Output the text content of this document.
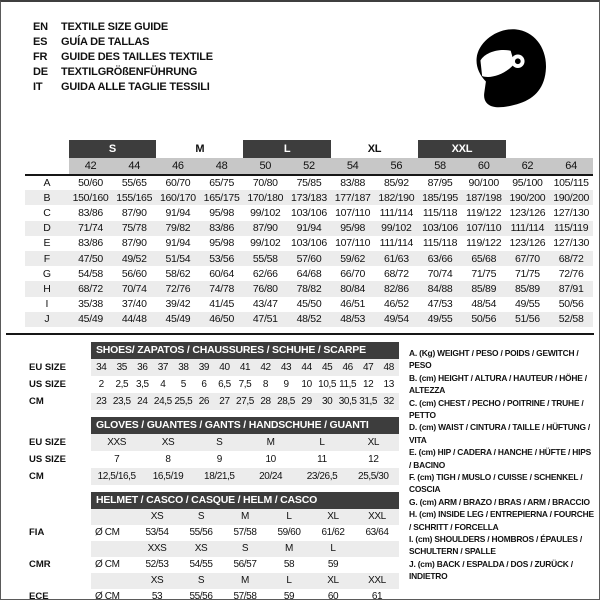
EN	TEXTILE SIZE GUIDE
ES	GUÍA DE TALLAS
FR	GUIDE DES TAILLES TEXTILE
DE	TEXTILGRÖßENFÜHRUNG
IT	GUIDA ALLE TAGLIE TESSILI
	S		M		L		XL		XXL			
	42	44	46	48	50	52	54	56	58	60	62	64
A	50/60	55/65	60/70	65/75	70/80	75/85	83/88	85/92	87/95	90/100	95/100	105/115
B	150/160	155/165	160/170	165/175	170/180	173/183	177/187	182/190	185/195	187/198	190/200	190/200
C	83/86	87/90	91/94	95/98	99/102	103/106	107/110	111/114	115/118	119/122	123/126	127/130
D	71/74	75/78	79/82	83/86	87/90	91/94	95/98	99/102	103/106	107/110	111/114	115/119
E	83/86	87/90	91/94	95/98	99/102	103/106	107/110	111/114	115/118	119/122	123/126	127/130
F	47/50	49/52	51/54	53/56	55/58	57/60	59/62	61/63	63/66	65/68	67/70	68/72
G	54/58	56/60	58/62	60/64	62/66	64/68	66/70	68/72	70/74	71/75	71/75	72/76
H	68/72	70/74	72/76	74/78	76/80	78/82	80/84	82/86	84/88	85/89	85/89	87/91
I	35/38	37/40	39/42	41/45	43/47	45/50	46/51	46/52	47/53	48/54	49/55	50/56
J	45/49	44/48	45/49	46/50	47/51	48/52	48/53	49/54	49/55	50/56	51/56	52/58
SHOES/ ZAPATOS / CHAUSSURES / SCHUHE / SCARPE
EU SIZE	34	35	36	37	38	39	40	41	42	43	44	45	46	47	48
US SIZE	2	2,5	3,5	4	5	6	6,5	7,5	8	9	10	10,5	11,5	12	13
CM	23	23,5	24	24,5	25,5	26	27	27,5	28	28,5	29	30	30,5	31,5	32
GLOVES / GUANTES / GANTS / HANDSCHUHE / GUANTI
EU SIZE	XXS	XS	S	M	L	XL
US SIZE	7	8	9	10	11	12
CM	12,5/16,5	16,5/19	18/21,5	20/24	23/26,5	25,5/30
HELMET / CASCO / CASQUE / HELM / CASCO
		XS	S	M	L	XL	XXL
FIA	Ø CM	53/54	55/56	57/58	59/60	61/62	63/64
		XXS	XS	S	M	L	
CMR	Ø CM	52/53	54/55	56/57	58	59	
		XS	S	M	L	XL	XXL
ECE	Ø CM	53	55/56	57/58	59	60	61
A. (Kg) WEIGHT / PESO / POIDS / GEWITCH / PESO
B. (cm) HEIGHT / ALTURA / HAUTEUR / HÖHE / ALTEZZA
C. (cm) CHEST / PECHO / POITRINE / TRUHE / PETTO
D. (cm) WAIST / CINTURA / TAILLE / HÜFTUNG / VITA
E. (cm) HIP / CADERA / HANCHE / HÜFTE / HIPS / BACINO
F. (cm) TIGH / MUSLO / CUISSE / SCHENKEL / COSCIA
G. (cm) ARM / BRAZO / BRAS / ARM / BRACCIO
H. (cm) INSIDE LEG / ENTREPIERNA / FOURCHE / SCHRITT / FORCELLA
I. (cm) SHOULDERS / HOMBROS / ÉPAULES / SCHULTERN / SPALLE
J. (cm) BACK / ESPALDA / DOS / ZURÜCK / INDIETRO
